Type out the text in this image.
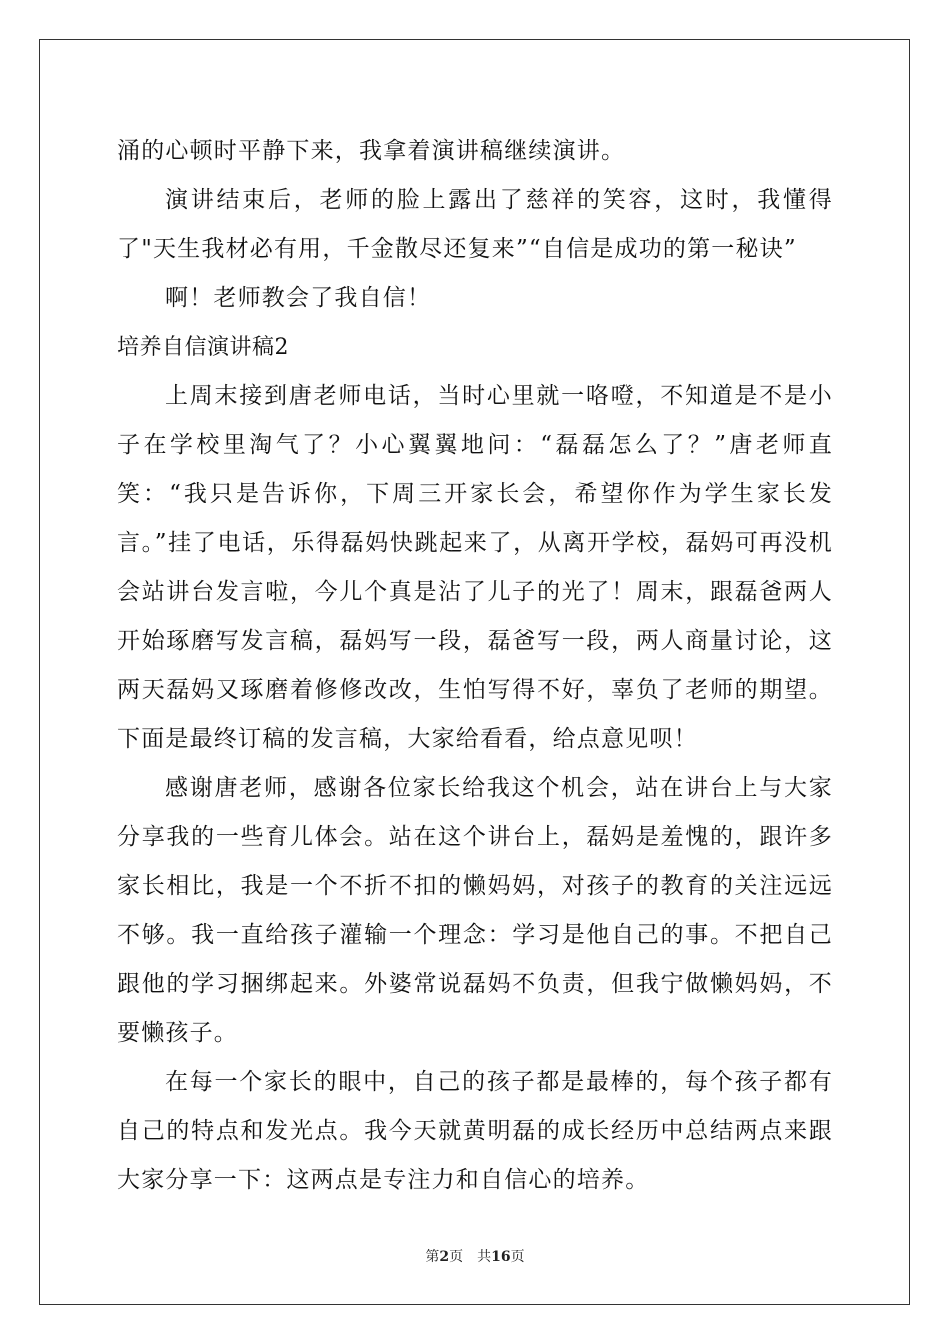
涌的心顿时平静下来，我拿着演讲稿继续演讲。

演讲结束后，老师的脸上露出了慈祥的笑容，这时，我懂得了"天生我材必有用，千金散尽还复来”“自信是成功的第一秘诀”

啊！老师教会了我自信！

培养自信演讲稿2

上周末接到唐老师电话，当时心里就一咯噔，不知道是不是小子在学校里淘气了？小心翼翼地问：“磊磊怎么了？”唐老师直笑：“我只是告诉你，下周三开家长会，希望你作为学生家长发言。”挂了电话，乐得磊妈快跳起来了，从离开学校，磊妈可再没机会站讲台发言啦，今儿个真是沾了儿子的光了！周末，跟磊爸两人开始琢磨写发言稿，磊妈写一段，磊爸写一段，两人商量讨论，这两天磊妈又琢磨着修修改改，生怕写得不好，辜负了老师的期望。下面是最终订稿的发言稿，大家给看看，给点意见呗！

感谢唐老师，感谢各位家长给我这个机会，站在讲台上与大家分享我的一些育儿体会。站在这个讲台上，磊妈是羞愧的，跟许多家长相比，我是一个不折不扣的懒妈妈，对孩子的教育的关注远远不够。我一直给孩子灌输一个理念：学习是他自己的事。不把自己跟他的学习捆绑起来。外婆常说磊妈不负责，但我宁做懒妈妈，不要懒孩子。

在每一个家长的眼中，自己的孩子都是最棒的，每个孩子都有自己的特点和发光点。我今天就黄明磊的成长经历中总结两点来跟大家分享一下：这两点是专注力和自信心的培养。

第2页 共16页
